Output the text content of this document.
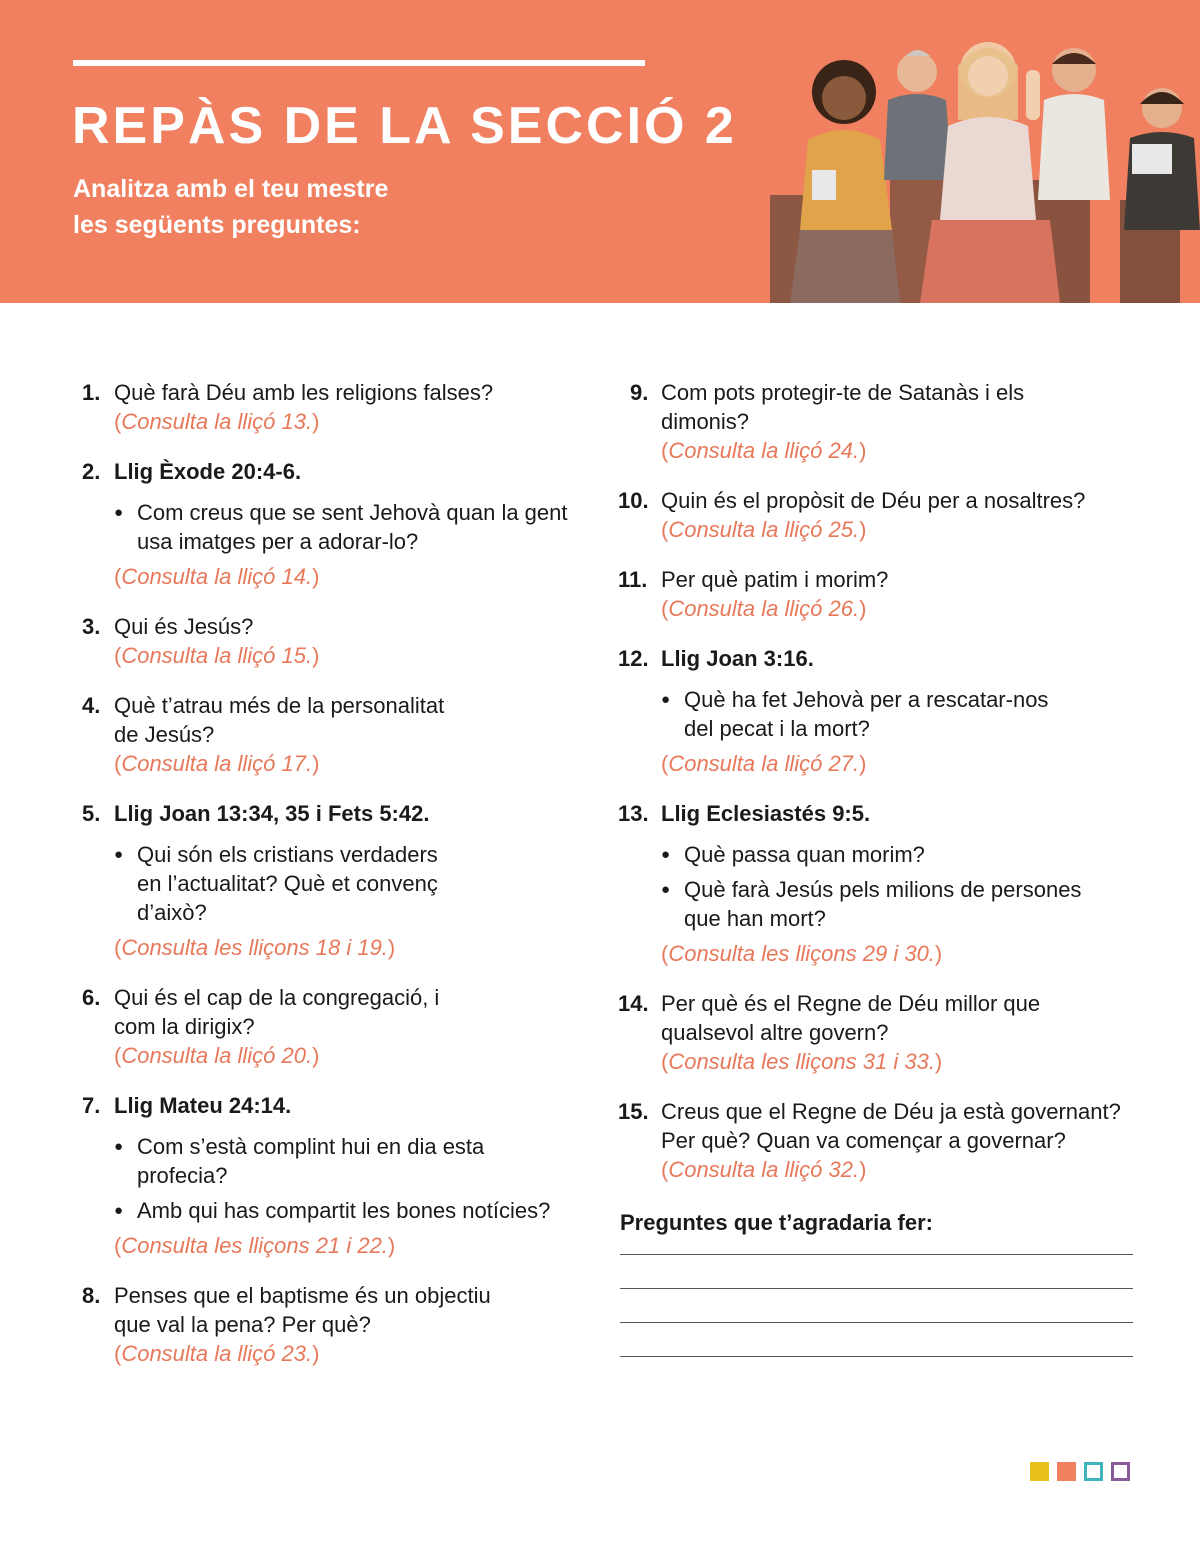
REPÀS DE LA SECCIÓ 2
Analitza amb el teu mestre
les següents preguntes:
1. Què farà Déu amb les religions falses?
(Consulta la lliçó 13.)
2. Llig Èxode 20:4-6.
● Com creus que se sent Jehovà quan la gent usa imatges per a adorar-lo?
(Consulta la lliçó 14.)
3. Qui és Jesús?
(Consulta la lliçó 15.)
4. Què t’atrau més de la personalitat de Jesús?
(Consulta la lliçó 17.)
5. Llig Joan 13:34, 35 i Fets 5:42.
● Qui són els cristians verdaders en l’actualitat? Què et convenç d’això?
(Consulta les lliçons 18 i 19.)
6. Qui és el cap de la congregació, i com la dirigix?
(Consulta la lliçó 20.)
7. Llig Mateu 24:14.
● Com s’està complint hui en dia esta profecia?
● Amb qui has compartit les bones notícies?
(Consulta les lliçons 21 i 22.)
8. Penses que el baptisme és un objectiu que val la pena? Per què?
(Consulta la lliçó 23.)
9. Com pots protegir-te de Satanàs i els dimonis?
(Consulta la lliçó 24.)
10. Quin és el propòsit de Déu per a nosaltres?
(Consulta la lliçó 25.)
11. Per què patim i morim?
(Consulta la lliçó 26.)
12. Llig Joan 3:16.
● Què ha fet Jehovà per a rescatar-nos del pecat i la mort?
(Consulta la lliçó 27.)
13. Llig Eclesiastés 9:5.
● Què passa quan morim?
● Què farà Jesús pels milions de persones que han mort?
(Consulta les lliçons 29 i 30.)
14. Per què és el Regne de Déu millor que qualsevol altre govern?
(Consulta les lliçons 31 i 33.)
15. Creus que el Regne de Déu ja està governant? Per què? Quan va començar a governar?
(Consulta la lliçó 32.)
Preguntes que t’agradaria fer:
